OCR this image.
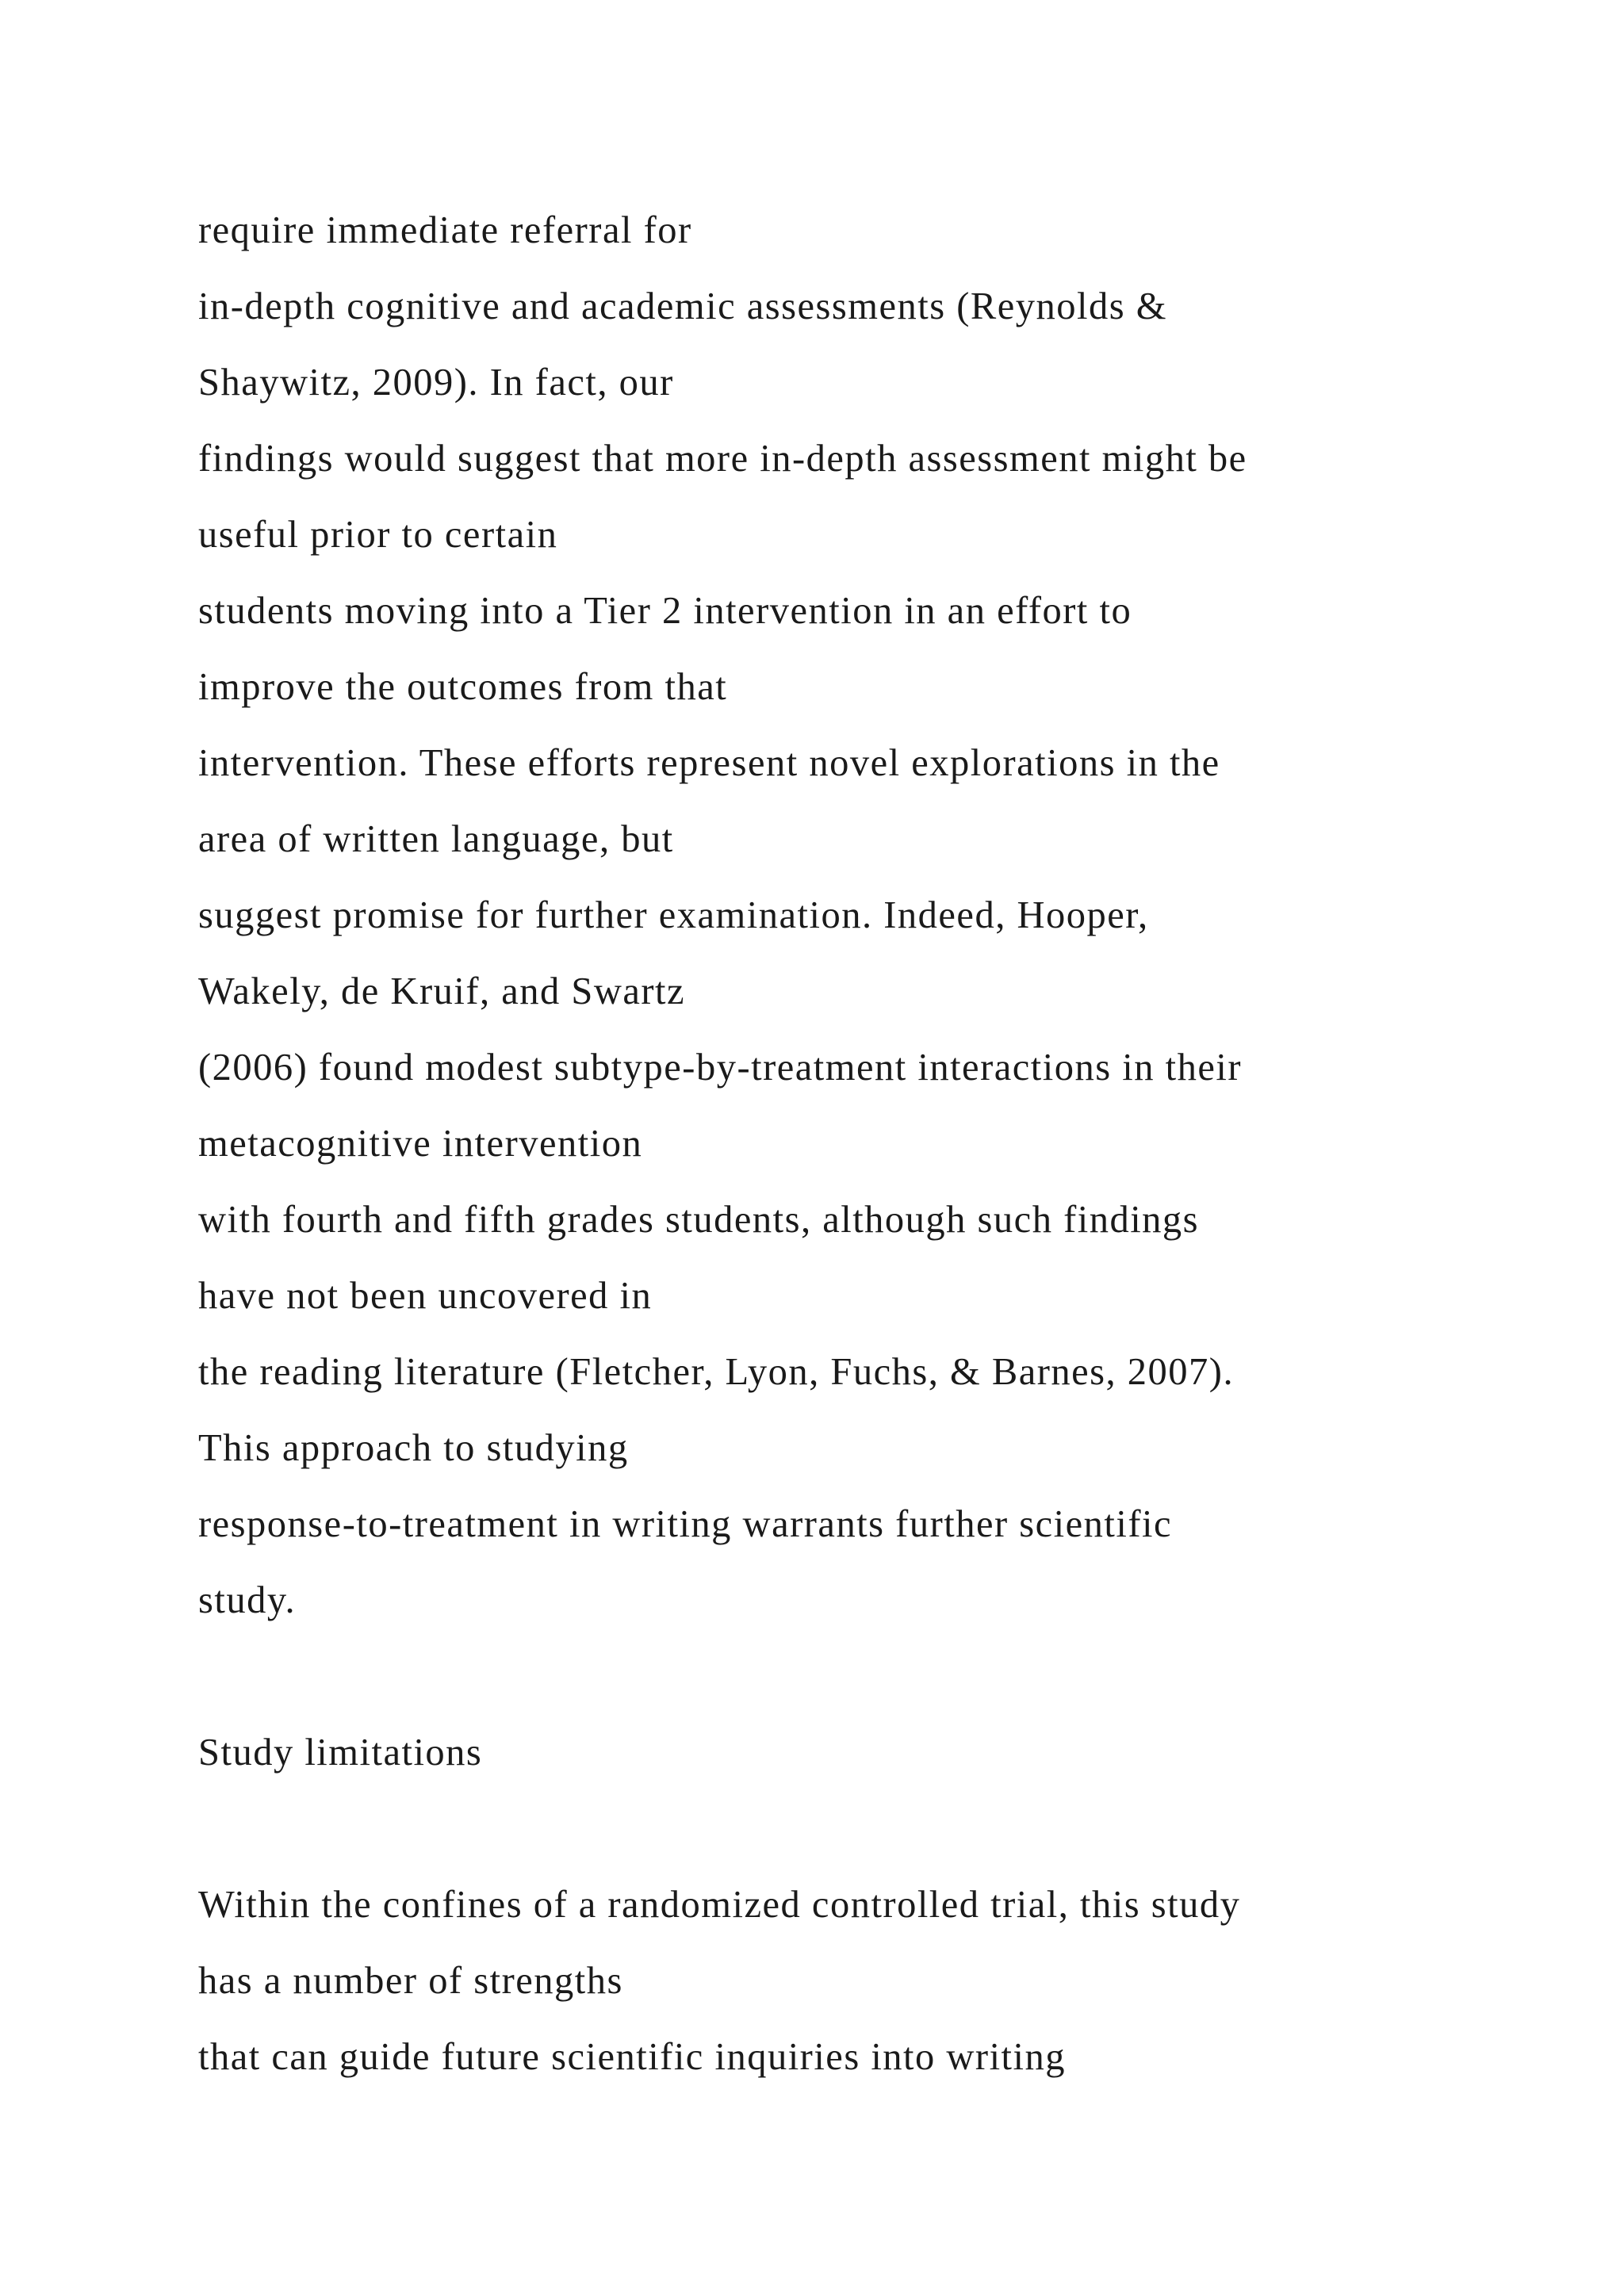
require immediate referral for
in-depth cognitive and academic assessments (Reynolds &
Shaywitz, 2009). In fact, our
findings would suggest that more in-depth assessment might be
useful prior to certain
students moving into a Tier 2 intervention in an effort to
improve the outcomes from that
intervention. These efforts represent novel explorations in the
area of written language, but
suggest promise for further examination. Indeed, Hooper,
Wakely, de Kruif, and Swartz
(2006) found modest subtype-by-treatment interactions in their
metacognitive intervention
with fourth and fifth grades students, although such findings
have not been uncovered in
the reading literature (Fletcher, Lyon, Fuchs, & Barnes, 2007).
This approach to studying
response-to-treatment in writing warrants further scientific
study.
Study limitations
Within the confines of a randomized controlled trial, this study
has a number of strengths
that can guide future scientific inquiries into writing
